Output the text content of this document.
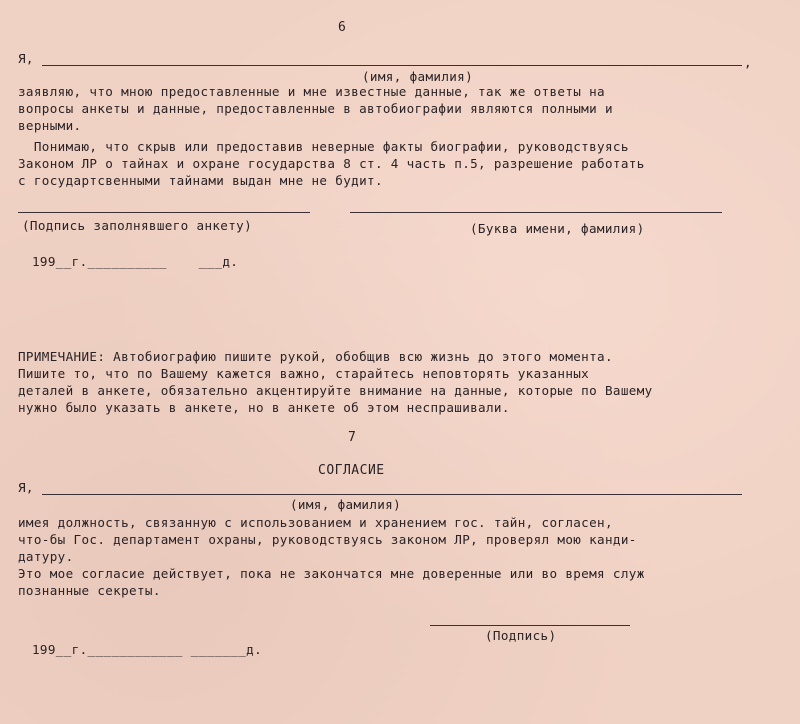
6
Я,	,
(имя, фамилия)
заявляю, что мною предоставленные и мне известные данные, так же ответы на
вопросы анкеты и данные, предоставленные в автобиографии являются полными и
верными.
Понимаю, что скрыв или предоставив неверные факты биографии, руководствуясь
Законом ЛР о тайнах и охране государства 8 ст. 4 часть п.5, разрешение работать
с государтсвенными тайнами выдан мне не будит.
(Подпись заполнявшего анкету)	(Буква имени, фамилия)
199__г.__________    ___д.
ПРИМЕЧАНИЕ: Автобиографию пишите рукой, обобщив всю жизнь до этого момента.
Пишите то, что по Вашему кажется важно, старайтесь неповторять указанных
деталей в анкете, обязательно акцентируйте внимание на данные, которые по Вашему
нужно было указать в анкете, но в анкете об этом неспрашивали.
7
СОГЛАСИЕ
Я,
(имя, фамилия)
имея должность, связанную с использованием и хранением гос. тайн, согласен,
что-бы Гос. департамент охраны, руководствуясь законом ЛР, проверял мою канди-
датуру.
Это мое согласие действует, пока не закончатся мне доверенные или во время служ
познанные секреты.
(Подпись)
199__г.____________ _______д.
